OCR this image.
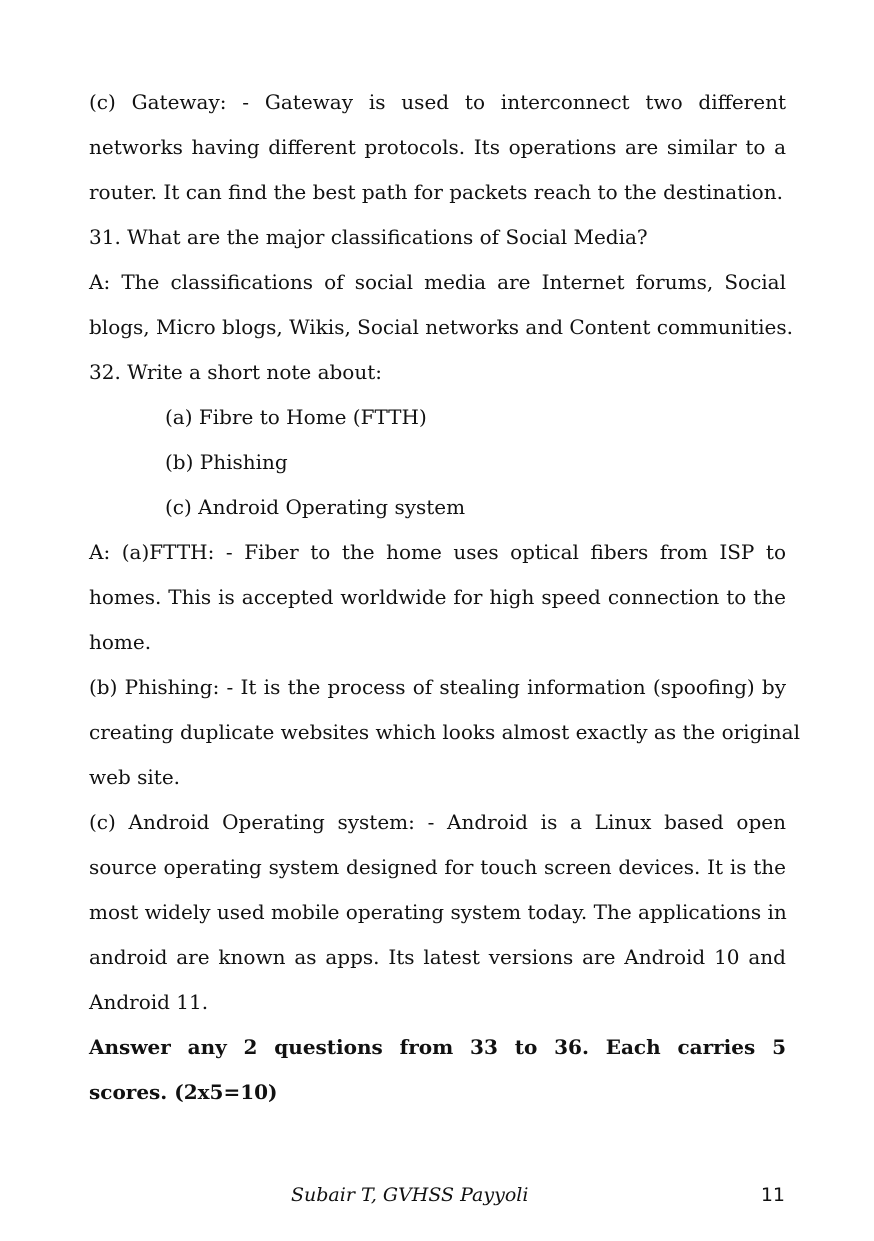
(c) Gateway: - Gateway is used to interconnect two different
networks having different protocols. Its operations are similar to a
router. It can find the best path for packets reach to the destination.
31. What are the major classifications of Social Media?
A: The classifications of social media are Internet forums, Social
blogs, Micro blogs, Wikis, Social networks and Content communities.
32. Write a short note about:
(a) Fibre to Home (FTTH)
(b) Phishing
(c) Android Operating system
A: (a)FTTH: - Fiber to the home uses optical fibers from ISP to
homes. This is accepted worldwide for high speed connection to the
home.
(b) Phishing: - It is the process of stealing information (spoofing) by
creating duplicate websites which looks almost exactly as the original
web site.
(c) Android Operating system: - Android is a Linux based open
source operating system designed for touch screen devices. It is the
most widely used mobile operating system today. The applications in
android are known as apps. Its latest versions are Android 10 and
Android 11.
Answer any 2 questions from 33 to 36. Each carries 5
scores. (2x5=10)
Subair T, GVHSS Payyoli	11
